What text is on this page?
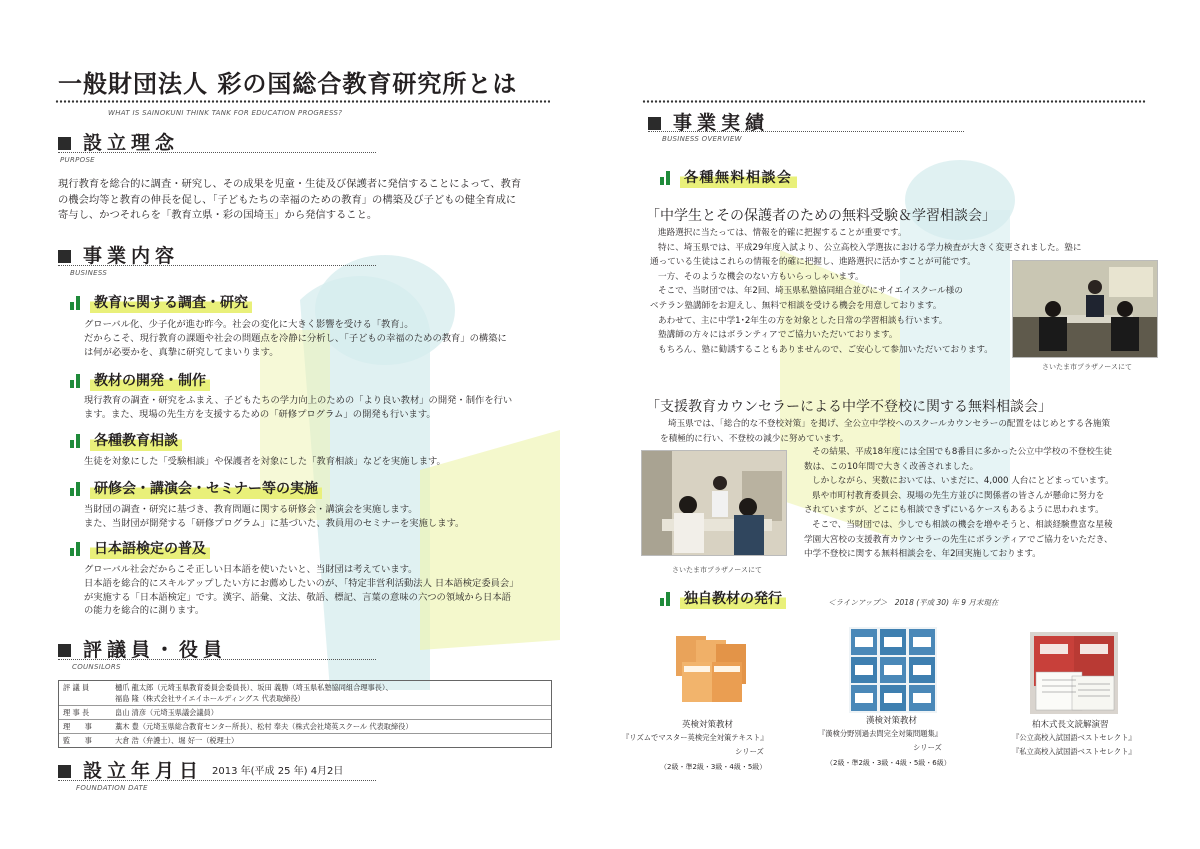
一般財団法人 彩の国総合教育研究所とは
WHAT IS SAINOKUNI THINK TANK FOR EDUCATION PROGRESS?
設立理念
PURPOSE
現行教育を総合的に調査・研究し、その成果を児童・生徒及び保護者に発信することによって、教育
の機会均等と教育の伸長を促し、「子どもたちの幸福のための教育」の構築及び子どもの健全育成に
寄与し、かつそれらを「教育立県・彩の国埼玉」から発信すること。
事業内容
BUSINESS
教育に関する調査・研究
グローバル化、少子化が進む昨今。社会の変化に大きく影響を受ける「教育」。
だからこそ、現行教育の課題や社会の問題点を冷静に分析し、「子どもの幸福のための教育」の構築に
は何が必要かを、真摯に研究してまいります。
教材の開発・制作
現行教育の調査・研究をふまえ、子どもたちの学力向上のための「より良い教材」の開発・制作を行い
ます。また、現場の先生方を支援するための「研修プログラム」の開発も行います。
各種教育相談
生徒を対象にした「受験相談」や保護者を対象にした「教育相談」などを実施します。
研修会・講演会・セミナー等の実施
当財団の調査・研究に基づき、教育問題に関する研修会・講演会を実施します。
また、当財団が開発する「研修プログラム」に基づいた、教員用のセミナーを実施します。
日本語検定の普及
グローバル社会だからこそ正しい日本語を使いたいと、当財団は考えています。
日本語を総合的にスキルアップしたい方にお薦めしたいのが、「特定非営利活動法人 日本語検定委員会」
が実施する「日本語検定」です。漢字、語彙、文法、敬語、標記、言葉の意味の六つの領域から日本語
の能力を総合的に測ります。
評議員・役員
COUNSILORS
評 議 員	樋爪 龍太郎（元埼玉県教育委員会委員長）、坂田 義勝（埼玉県私塾協同組合理事長）、
福島 隆（株式会社サイエイホールディングス 代表取締役）
理 事 長	畠山 清彦（元埼玉県議会議員）
理　　事	藁木 豊（元埼玉県総合教育センター所長）、松村 奉夫（株式会社埼英スクール 代表取締役）
監　　事	大倉 浩（弁護士）、堀 好一（税理士）
設立年月日 2013 年(平成 25 年) 4月2日
FOUNDATION DATE
事業実績
BUSINESS OVERVIEW
各種無料相談会
「中学生とその保護者のための無料受験＆学習相談会」
進路選択に当たっては、情報を的確に把握することが重要です。
特に、埼玉県では、平成29年度入試より、公立高校入学選抜における学力検査が大きく変更されました。塾に
通っている生徒はこれらの情報を的確に把握し、進路選択に活かすことが可能です。
一方、そのような機会のない方もいらっしゃいます。
そこで、当財団では、年2回、埼玉県私塾協同組合並びにサイエイスクール様の
ベテラン塾講師をお迎えし、無料で相談を受ける機会を用意しております。
あわせて、主に中学1･2年生の方を対象とした日常の学習相談も行います。
塾講師の方々にはボランティアでご協力いただいております。
もちろん、塾に勧誘することもありませんので、ご安心して参加いただいております。
さいたま市プラザノースにて
「支援教育カウンセラーによる中学不登校に関する無料相談会」
埼玉県では、「総合的な不登校対策」を掲げ、全公立中学校へのスクールカウンセラーの配置をはじめとする各施策
を積極的に行い、不登校の減少に努めています。
さいたま市プラザノースにて
その結果、平成18年度には全国でも8番目に多かった公立中学校の不登校生徒
数は、この10年間で大きく改善されました。
しかしながら、実数においては、いまだに、4,000 人台にとどまっています。
県や市町村教育委員会、現場の先生方並びに関係者の皆さんが懸命に努力を
されていますが、どこにも相談できずにいるケースもあるように思われます。
そこで、当財団では、少しでも相談の機会を増やそうと、相談経験豊富な星稜
学園大宮校の支援教育カウンセラーの先生にボランティアでご協力をいただき、
中学不登校に関する無料相談会を、年2回実施しております。
独自教材の発行	＜ラインアップ＞　2018 (平成 30) 年 9 月末現在
英検対策教材
『リズムでマスター英検完全対策テキスト』
シリーズ
（2級・準2級・3級・4級・5級）
漢検対策教材
『漢検分野別過去問完全対策問題集』
シリーズ
（2級・準2級・3級・4級・5級・6級）
柏木式長文読解演習
『公立高校入試国語ベストセレクト』
『私立高校入試国語ベストセレクト』
